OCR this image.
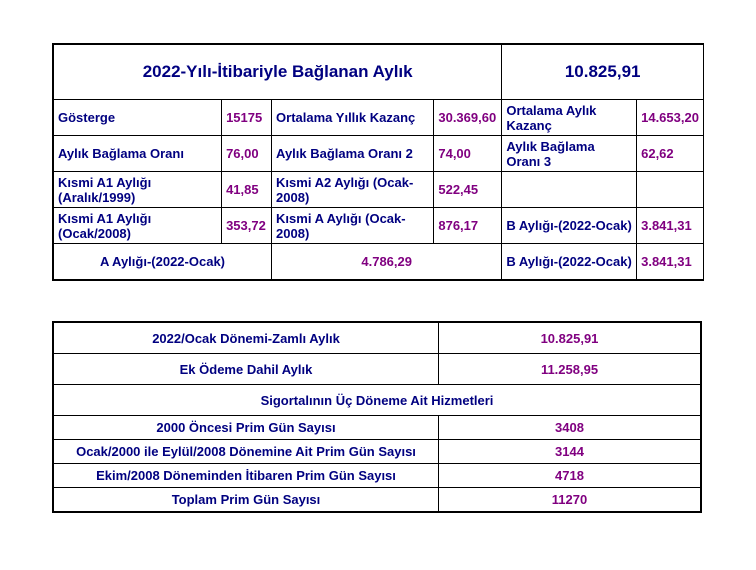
2022-Yılı-İtibariyle Bağlanan Aylık				10.825,91	
Gösterge	15175	Ortalama Yıllık Kazanç	30.369,60	Ortalama Aylık Kazanç	14.653,20
Aylık Bağlama Oranı	76,00	Aylık Bağlama Oranı 2	74,00	Aylık Bağlama Oranı 3	62,62
Kısmi A1 Aylığı (Aralık/1999)	41,85	Kısmi A2 Aylığı (Ocak-2008)	522,45		
Kısmi A1 Aylığı (Ocak/2008)	353,72	Kısmi A Aylığı (Ocak-2008)	876,17	B Aylığı-(2022-Ocak)	3.841,31
A Aylığı-(2022-Ocak)		4.786,29		B Aylığı-(2022-Ocak)	3.841,31
2022/Ocak Dönemi-Zamlı Aylık	10.825,91
Ek Ödeme Dahil Aylık	11.258,95
Sigortalının Üç Döneme Ait Hizmetleri	
2000 Öncesi Prim Gün Sayısı	3408
Ocak/2000 ile Eylül/2008 Dönemine Ait Prim Gün Sayısı	3144
Ekim/2008 Döneminden İtibaren Prim Gün Sayısı	4718
Toplam Prim Gün Sayısı	11270
